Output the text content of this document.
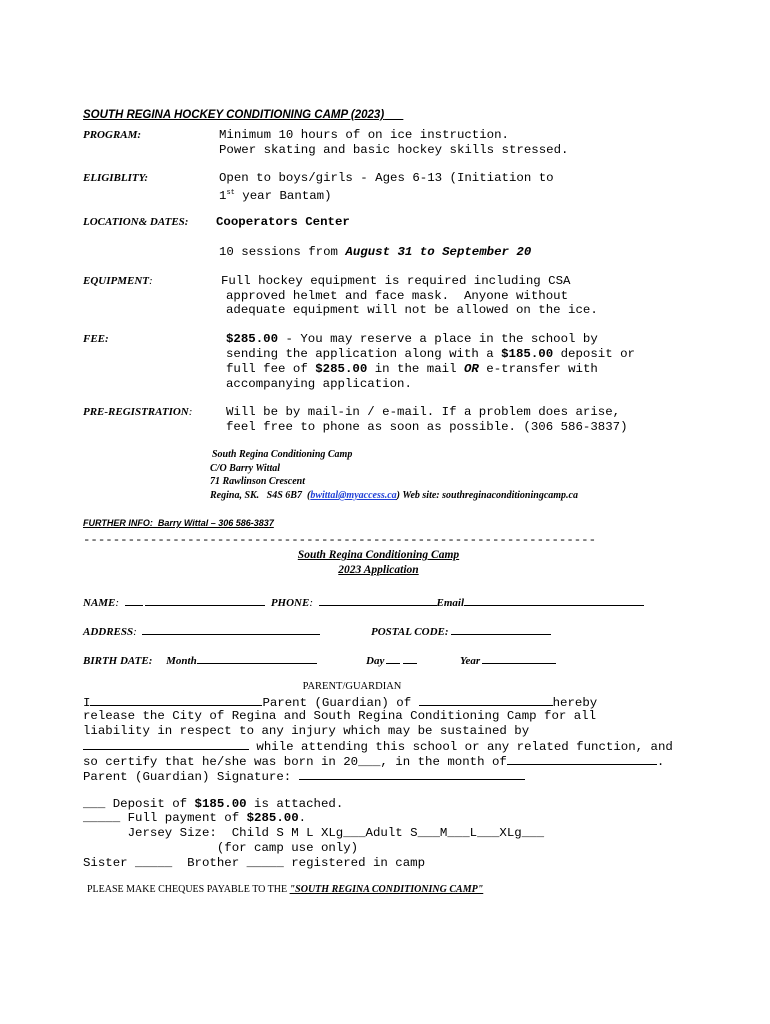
SOUTH REGINA HOCKEY CONDITIONING CAMP (2023)
PROGRAM:	Minimum 10 hours of on ice instruction.
Power skating and basic hockey skills stressed.
ELIGIBLITY:	Open to boys/girls - Ages 6-13 (Initiation to
1st year Bantam)
LOCATION& DATES: Cooperators Center
10 sessions from August 31 to September 20
EQUIPMENT:	Full hockey equipment is required including CSA
approved helmet and face mask.  Anyone without
adequate equipment will not be allowed on the ice.
FEE:	$285.00 - You may reserve a place in the school by
sending the application along with a $185.00 deposit or
full fee of $285.00 in the mail OR e-transfer with
accompanying application.
PRE-REGISTRATION:	Will be by mail-in / e-mail. If a problem does arise,
feel free to phone as soon as possible. (306 586-3837)
South Regina Conditioning Camp
C/O Barry Wittal
71 Rawlinson Crescent
Regina, SK.   S4S 6B7  (bwittal@myaccess.ca) Web site: southreginaconditioningcamp.ca
FURTHER INFO:  Barry Wittal – 306 586-3837
---------------------------------------------------------------------
South Regina Conditioning Camp
2023 Application
NAME:	PHONE:	Email
ADDRESS:	POSTAL CODE:
BIRTH DATE: Month	Day	Year
PARENT/GUARDIAN
I	Parent (Guardian) of	hereby
release the City of Regina and South Regina Conditioning Camp for all
liability in respect to any injury which may be sustained by
while attending this school or any related function, and
so certify that he/she was born in 20___, in the month of	.
Parent (Guardian) Signature:
___ Deposit of $185.00 is attached.
_____ Full payment of $285.00.
Jersey Size:  Child S M L XLg___Adult S___M___L___XLg___
(for camp use only)
Sister _____  Brother _____ registered in camp
PLEASE MAKE CHEQUES PAYABLE TO THE "SOUTH REGINA CONDITIONING CAMP"
